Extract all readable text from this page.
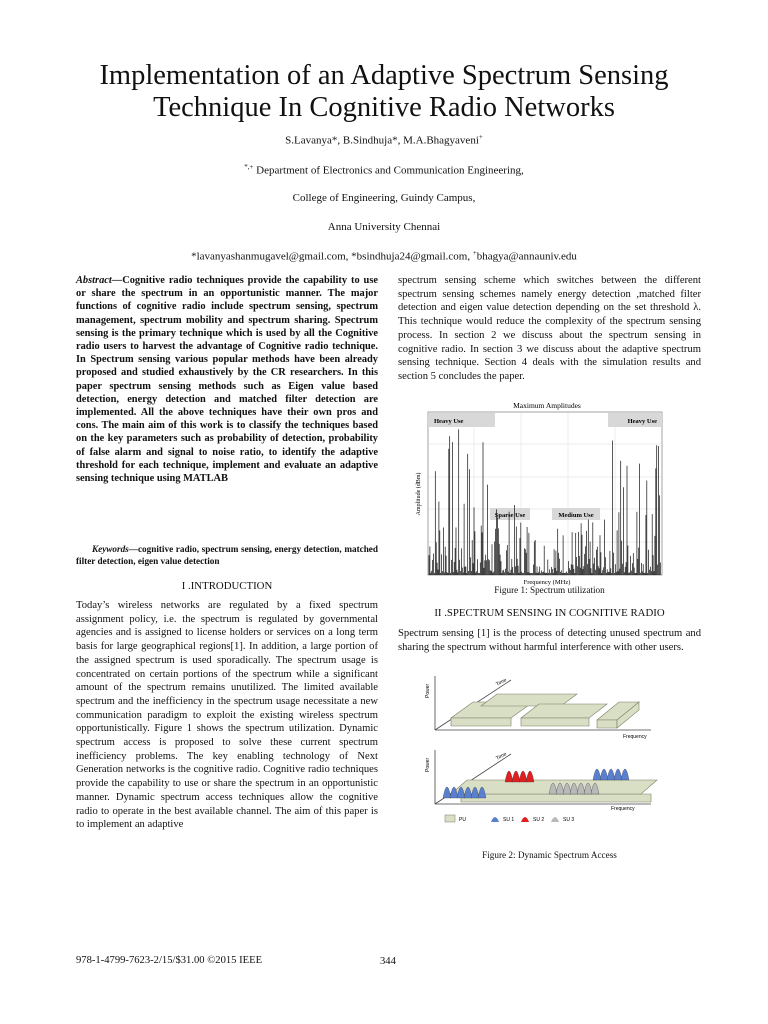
Implementation of an Adaptive Spectrum Sensing
Technique In Cognitive Radio Networks
S.Lavanya*, B.Sindhuja*, M.A.Bhagyaveni+
*,+ Department of Electronics and Communication Engineering,
College of Engineering, Guindy Campus,
Anna University Chennai
*lavanyashanmugavel@gmail.com, *bsindhuja24@gmail.com, +bhagya@annauniv.edu

Abstract—Cognitive radio techniques provide the capability to use or share the spectrum in an opportunistic manner. The major functions of cognitive radio include spectrum sensing, spectrum management, spectrum mobility and spectrum sharing. Spectrum sensing is the primary technique which is used by all the Cognitive radio users to harvest the advantage of Cognitive radio technique. In Spectrum sensing various popular methods have been already proposed and studied exhaustively by the CR researchers. In this paper spectrum sensing methods such as Eigen value based detection, energy detection and matched filter detection are implemented. All the above techniques have their own pros and cons. The main aim of this work is to classify the techniques based on the key parameters such as probability of detection, probability of false alarm and signal to noise ratio, to identify the adaptive threshold for each technique, implement and evaluate an adaptive sensing technique using MATLAB

Keywords—cognitive radio, spectrum sensing, energy detection, matched filter detection, eigen value detection

I .INTRODUCTION
Today’s wireless networks are regulated by a fixed spectrum assignment policy, i.e. the spectrum is regulated by governmental agencies and is assigned to license holders or services on a long term basis for large geographical regions[1]. In addition, a large portion of the assigned spectrum is used sporadically. The spectrum usage is concentrated on certain portions of the spectrum while a significant amount of the spectrum remains unutilized. The limited available spectrum and the inefficiency in the spectrum usage necessitate a new communication paradigm to exploit the existing wireless spectrum opportunistically. Figure 1 shows the spectrum utilization. Dynamic spectrum access is proposed to solve these current spectrum inefficiency problems. The key enabling technology of Next Generation networks is the cognitive radio. Cognitive radio techniques provide the capability to use or share the spectrum in an opportunistic manner. Dynamic spectrum access techniques allow the cognitive radio to operate in the best available channel. The aim of this paper is to implement an adaptive
spectrum sensing scheme which switches between the different spectrum sensing schemes namely energy detection ,matched filter detection and eigen value detection depending on the set threshold λ. This technique would reduce the complexity of the spectrum sensing process. In section 2 we discuss about the spectrum sensing in cognitive radio. In section 3 we discuss about the adaptive spectrum sensing technique. Section 4 deals with the simulation results and section 5 concludes the paper.
Maximum Amplitudes
Heavy Use	Heavy Use
Sparse Use	Medium Use
Amplitude (dBm)
Frequency (MHz)
Figure 1: Spectrum utilization
II .SPECTRUM SENSING IN COGNITIVE RADIO
Spectrum sensing [1] is the process of detecting unused spectrum and sharing the spectrum without harmful interference with other users.
Power
Time
Frequency
Power
Time
Frequency
PU	SU 1	SU 2	SU 3
Figure 2: Dynamic Spectrum Access
978-1-4799-7623-2/15/$31.00 ©2015 IEEE	344
